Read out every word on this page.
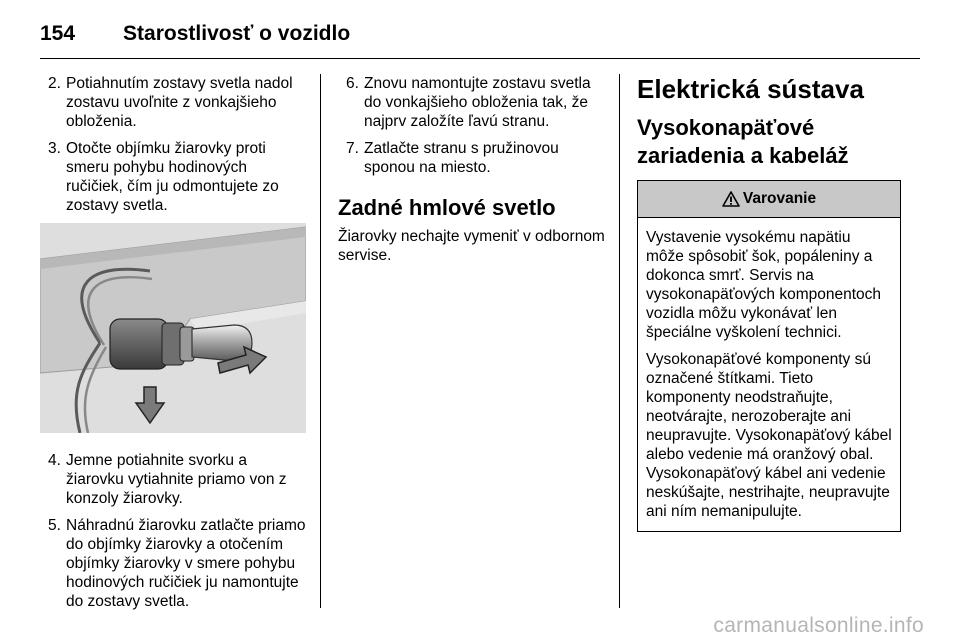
154 Starostlivosť o vozidlo
2. Potiahnutím zostavy svetla nadol zostavu uvoľnite z vonkajšieho obloženia.
3. Otočte objímku žiarovky proti smeru pohybu hodinových ručičiek, čím ju odmontujete zo zostavy svetla.
4. Jemne potiahnite svorku a žiarovku vytiahnite priamo von z konzoly žiarovky.
5. Náhradnú žiarovku zatlačte priamo do objímky žiarovky a otočením objímky žiarovky v smere pohybu hodinových ručičiek ju namontujte do zostavy svetla.
6. Znovu namontujte zostavu svetla do vonkajšieho obloženia tak, že najprv založíte ľavú stranu.
7. Zatlačte stranu s pružinovou sponou na miesto.
Zadné hmlové svetlo

Žiarovky nechajte vymeniť v odbornom servise.

Elektrická sústava
Vysokonapäťové zariadenia a kabeláž
Varovanie

Vystavenie vysokému napätiu môže spôsobiť šok, popáleniny a dokonca smrť. Servis na vysokonapäťových komponentoch vozidla môžu vykonávať len špeciálne vyškolení technici.

Vysokonapäťové komponenty sú označené štítkami. Tieto komponenty neodstraňujte, neotvárajte, nerozoberajte ani neupravujte. Vysokonapäťový kábel alebo vedenie má oranžový obal. Vysokonapäťový kábel ani vedenie neskúšajte, nestrihajte, neupravujte ani ním nemanipulujte.

carmanualsonline.info
